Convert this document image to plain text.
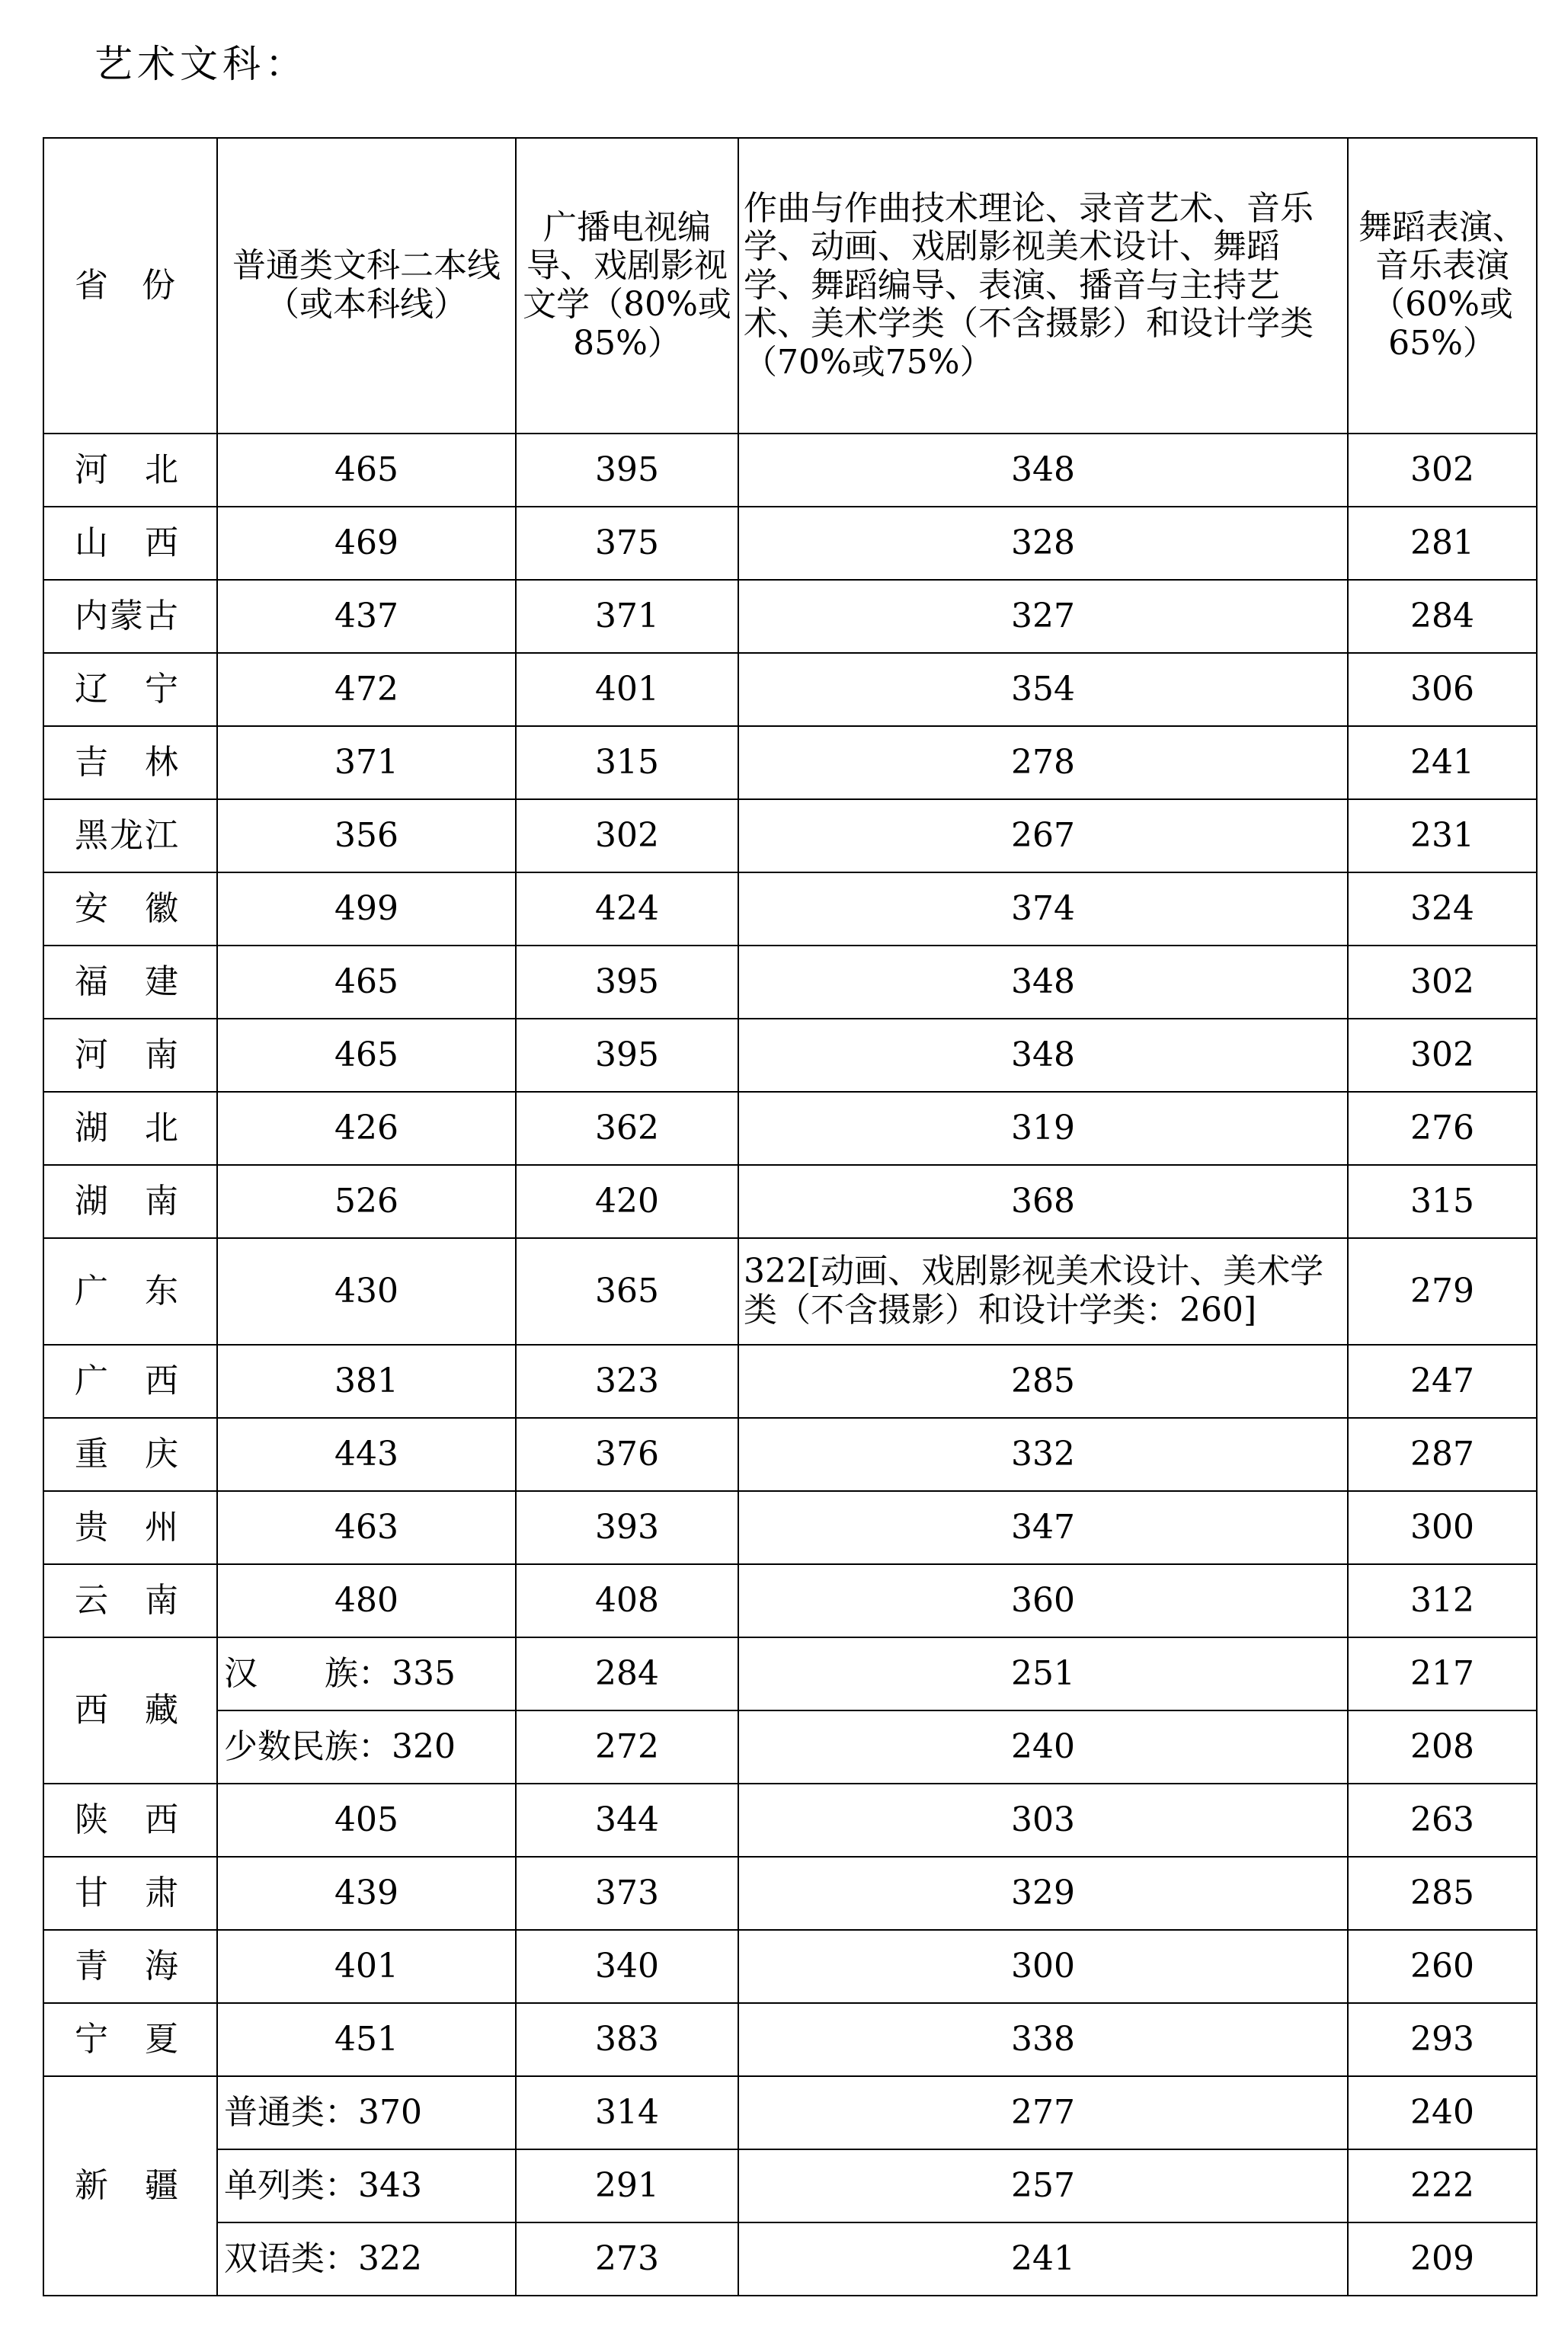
艺术文科：
省　份	普通类文科二本线（或本科线）	广播电视编导、戏剧影视文学（80%或85%）	作曲与作曲技术理论、录音艺术、音乐学、动画、戏剧影视美术设计、舞蹈学、舞蹈编导、表演、播音与主持艺术、美术学类（不含摄影）和设计学类（70%或75%）	舞蹈表演、音乐表演（60%或65%）
河　北	465	395	348	302
山　西	469	375	328	281
内蒙古	437	371	327	284
辽　宁	472	401	354	306
吉　林	371	315	278	241
黑龙江	356	302	267	231
安　徽	499	424	374	324
福　建	465	395	348	302
河　南	465	395	348	302
湖　北	426	362	319	276
湖　南	526	420	368	315
广　东	430	365	322[动画、戏剧影视美术设计、美术学类（不含摄影）和设计学类：260]	279
广　西	381	323	285	247
重　庆	443	376	332	287
贵　州	463	393	347	300
云　南	480	408	360	312
西　藏	汉　　族：335	284	251	217
	少数民族：320	272	240	208
陕　西	405	344	303	263
甘　肃	439	373	329	285
青　海	401	340	300	260
宁　夏	451	383	338	293
新　疆	普通类：370	314	277	240
	单列类：343	291	257	222
	双语类：322	273	241	209
